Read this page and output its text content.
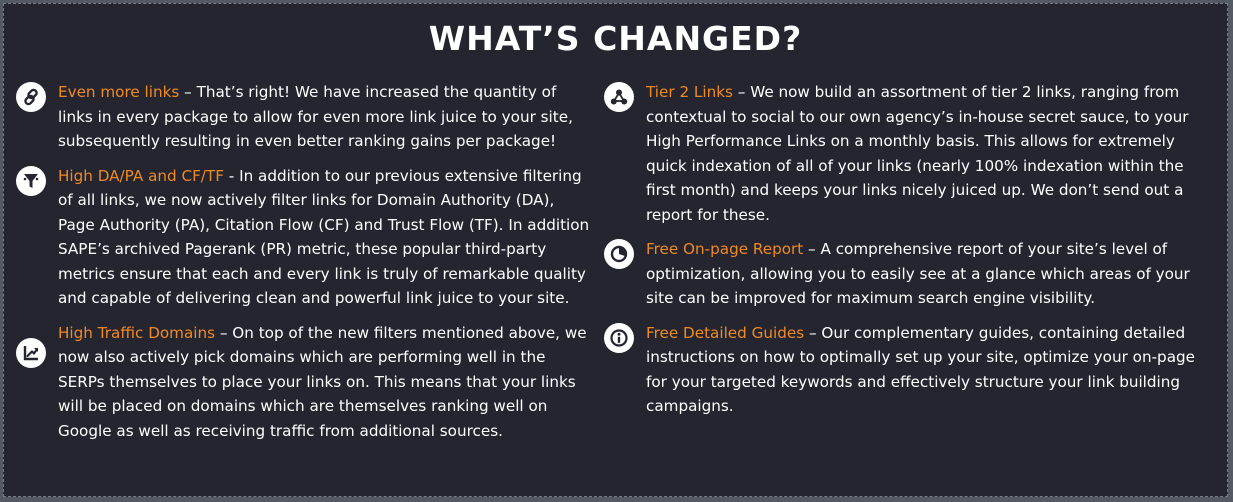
WHAT’S CHANGED?

Even more links – That’s right! We have increased the quantity of links in every package to allow for even more link juice to your site, subsequently resulting in even better ranking gains per package!

High DA/PA and CF/TF - In addition to our previous extensive filtering of all links, we now actively filter links for Domain Authority (DA), Page Authority (PA), Citation Flow (CF) and Trust Flow (TF). In addition SAPE’s archived Pagerank (PR) metric, these popular third-party metrics ensure that each and every link is truly of remarkable quality and capable of delivering clean and powerful link juice to your site.

High Traffic Domains – On top of the new filters mentioned above, we now also actively pick domains which are performing well in the SERPs themselves to place your links on. This means that your links will be placed on domains which are themselves ranking well on Google as well as receiving traffic from additional sources.

Tier 2 Links – We now build an assortment of tier 2 links, ranging from contextual to social to our own agency’s in-house secret sauce, to your High Performance Links on a monthly basis. This allows for extremely quick indexation of all of your links (nearly 100% indexation within the first month) and keeps your links nicely juiced up. We don’t send out a report for these.

Free On-page Report – A comprehensive report of your site’s level of optimization, allowing you to easily see at a glance which areas of your site can be improved for maximum search engine visibility.

Free Detailed Guides – Our complementary guides, containing detailed instructions on how to optimally set up your site, optimize your on-page for your targeted keywords and effectively structure your link building campaigns.
